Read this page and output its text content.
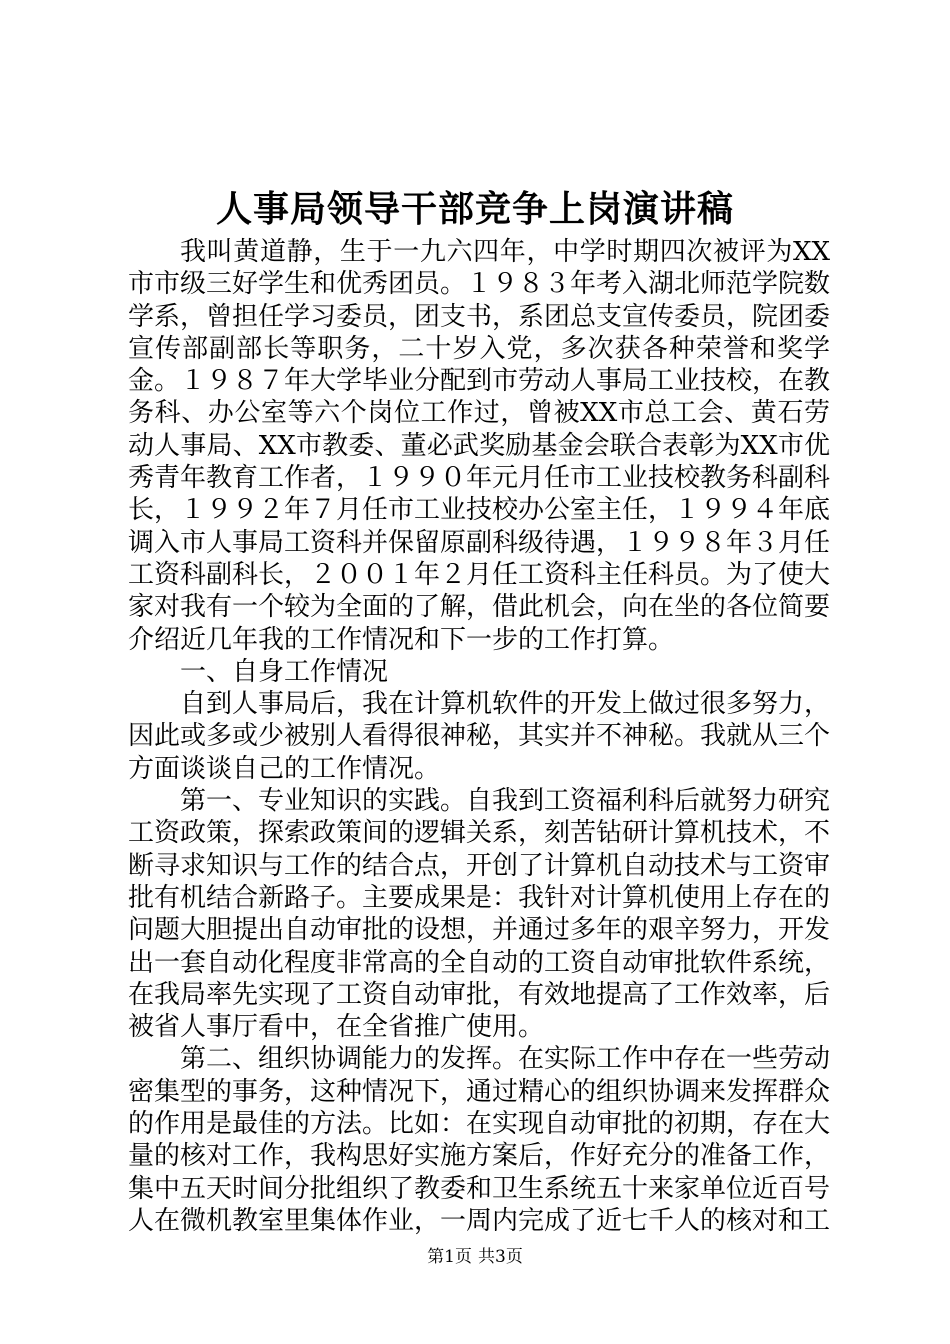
人事局领导干部竞争上岗演讲稿

我叫黄道静，生于一九六四年，中学时期四次被评为XX市市级三好学生和优秀团员。１９８３年考入湖北师范学院数学系，曾担任学习委员，团支书，系团总支宣传委员，院团委宣传部副部长等职务，二十岁入党，多次获各种荣誉和奖学金。１９８７年大学毕业分配到市劳动人事局工业技校，在教务科、办公室等六个岗位工作过，曾被XX市总工会、黄石劳动人事局、XX市教委、董必武奖励基金会联合表彰为XX市优秀青年教育工作者，１９９０年元月任市工业技校教务科副科长，１９９２年７月任市工业技校办公室主任，１９９４年底调入市人事局工资科并保留原副科级待遇，１９９８年３月任工资科副科长，２００１年２月任工资科主任科员。为了使大家对我有一个较为全面的了解，借此机会，向在坐的各位简要介绍近几年我的工作情况和下一步的工作打算。

一、自身工作情况

自到人事局后，我在计算机软件的开发上做过很多努力，因此或多或少被别人看得很神秘，其实并不神秘。我就从三个方面谈谈自己的工作情况。

第一、专业知识的实践。自我到工资福利科后就努力研究工资政策，探索政策间的逻辑关系，刻苦钻研计算机技术，不断寻求知识与工作的结合点，开创了计算机自动技术与工资审批有机结合新路子。主要成果是：我针对计算机使用上存在的问题大胆提出自动审批的设想，并通过多年的艰辛努力，开发出一套自动化程度非常高的全自动的工资自动审批软件系统，在我局率先实现了工资自动审批，有效地提高了工作效率，后被省人事厅看中，在全省推广使用。

第二、组织协调能力的发挥。在实际工作中存在一些劳动密集型的事务，这种情况下，通过精心的组织协调来发挥群众的作用是最佳的方法。比如：在实现自动审批的初期，存在大量的核对工作，我构思好实施方案后，作好充分的准备工作，集中五天时间分批组织了教委和卫生系统五十来家单位近百号人在微机教室里集体作业，一周内完成了近七千人的核对和工

第1页 共3页
